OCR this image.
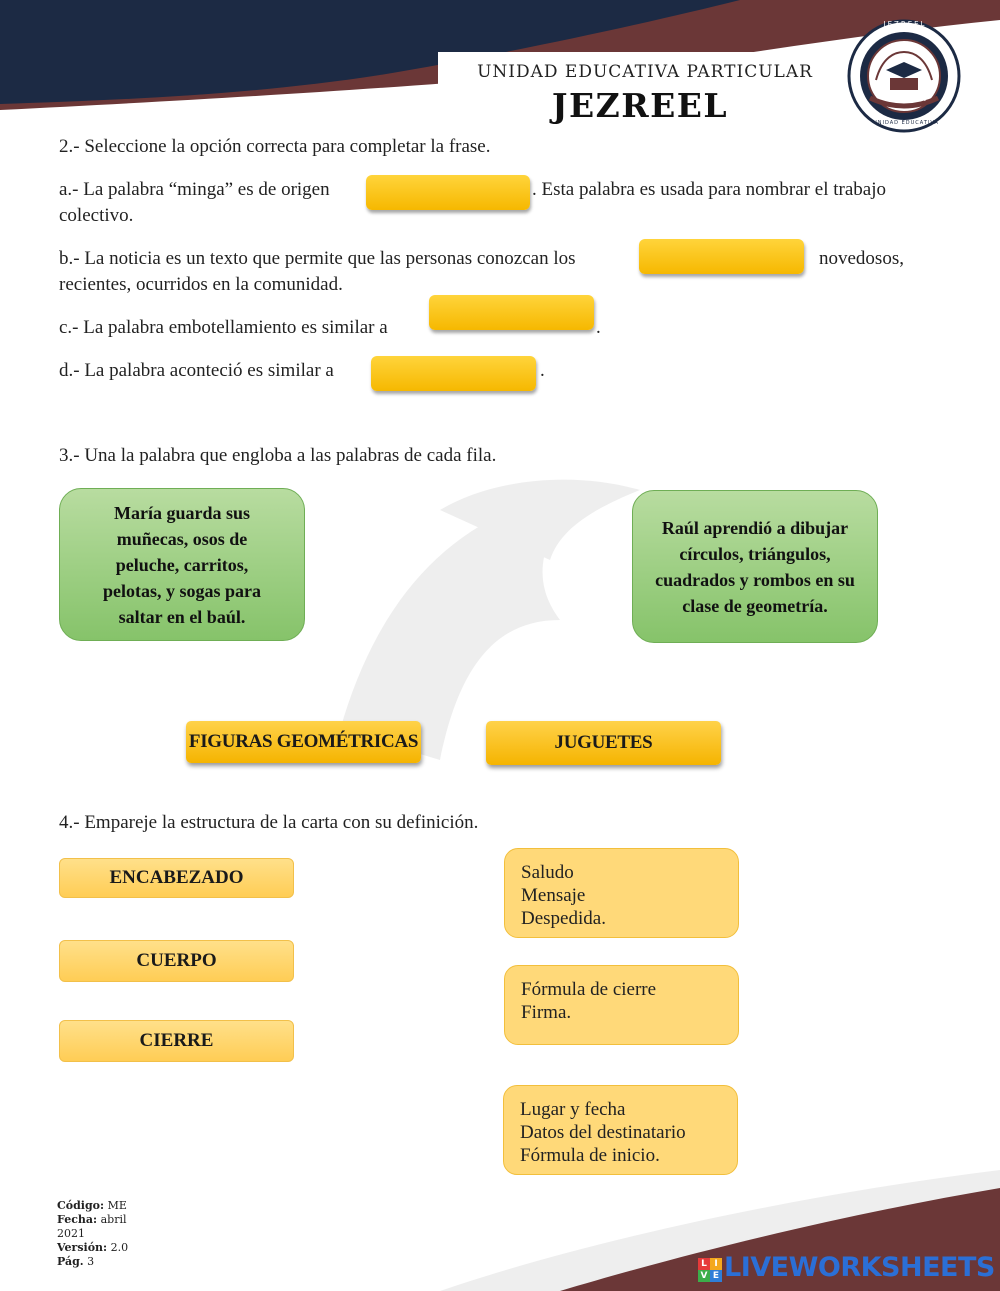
UNIDAD EDUCATIVA PARTICULAR
JEZREEL
JEZREEL
UNIDAD EDUCATIVA
PROMOVIENDO LA E
2.- Seleccione la opción correcta para completar la frase.
a.- La palabra “minga” es de origen	. Esta palabra es usada para nombrar el trabajo
colectivo.
b.- La noticia es un texto que permite que las personas conozcan los	novedosos,
recientes, ocurridos en la comunidad.
c.- La palabra embotellamiento es similar a	.
d.- La palabra aconteció es similar a	.
3.- Una la palabra que engloba a las palabras de cada fila.
María guarda sus muñecas, osos de peluche, carritos, pelotas, y sogas para saltar en el baúl.
Raúl aprendió a dibujar círculos, triángulos, cuadrados y rombos en su clase de geometría.
FIGURAS GEOMÉTRICAS	JUGUETES
4.- Empareje la estructura de la carta con su definición.
ENCABEZADO
CUERPO
CIERRE
Saludo
Mensaje
Despedida.
Fórmula de cierre
Firma.
Lugar y fecha
Datos del destinatario
Fórmula de inicio.
Código: ME
Fecha: abril
2021
Versión: 2.0
Pág. 3	L I
V E LIVEWORKSHEETS
